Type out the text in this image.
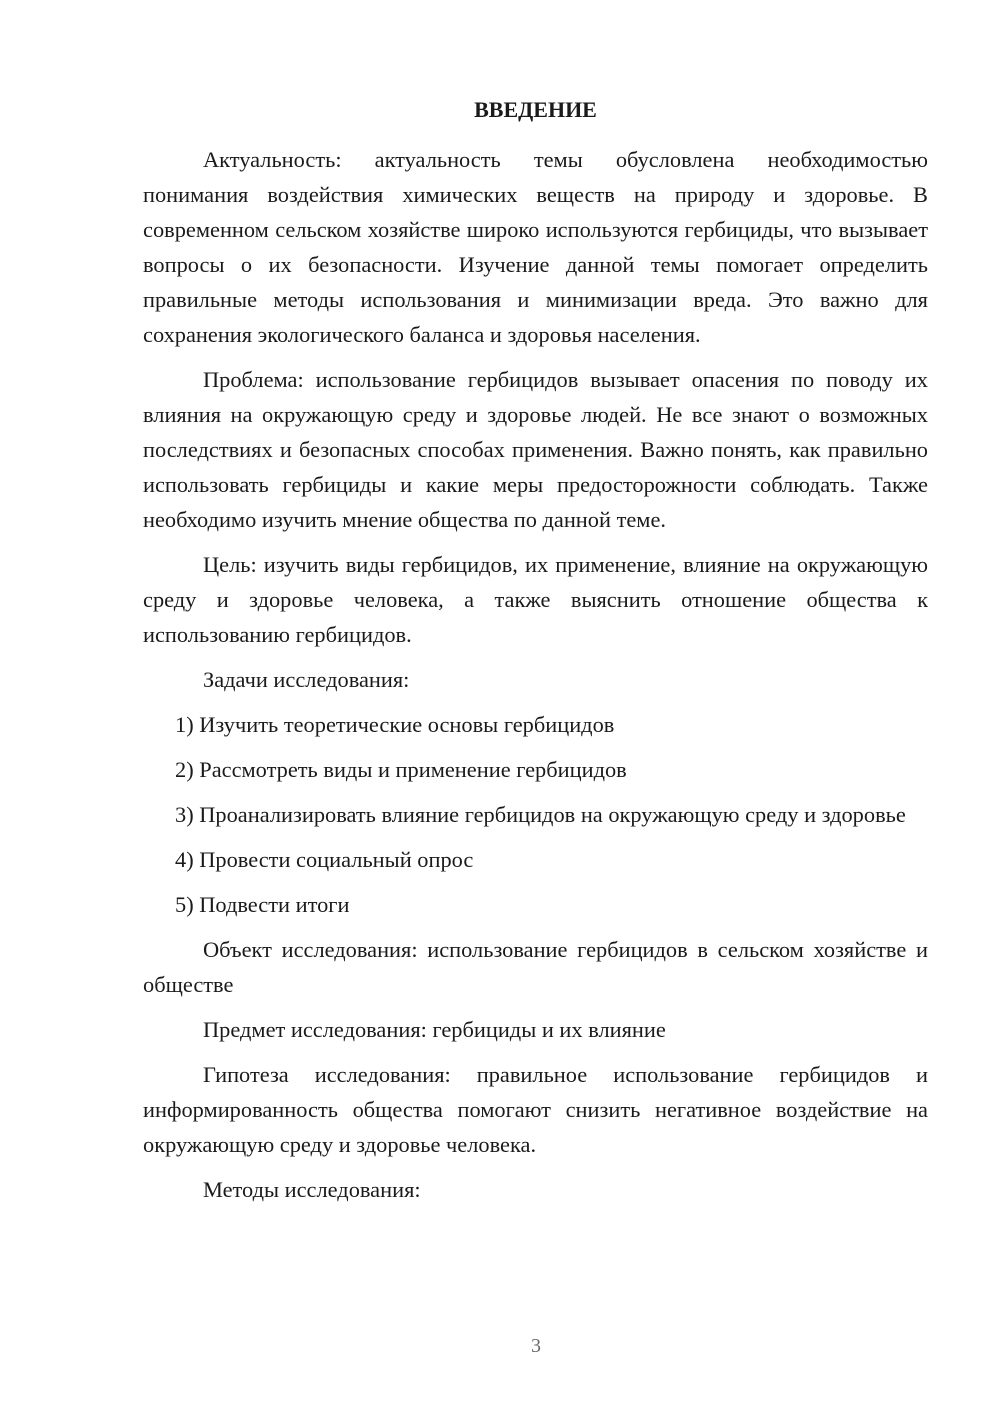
ВВЕДЕНИЕ

Актуальность: актуальность темы обусловлена необходимостью понимания воздействия химических веществ на природу и здоровье. В современном сельском хозяйстве широко используются гербициды, что вызывает вопросы о их безопасности. Изучение данной темы помогает определить правильные методы использования и минимизации вреда. Это важно для сохранения экологического баланса и здоровья населения.

Проблема: использование гербицидов вызывает опасения по поводу их влияния на окружающую среду и здоровье людей. Не все знают о возможных последствиях и безопасных способах применения. Важно понять, как правильно использовать гербициды и какие меры предосторожности соблюдать. Также необходимо изучить мнение общества по данной теме.

Цель: изучить виды гербицидов, их применение, влияние на окружающую среду и здоровье человека, а также выяснить отношение общества к использованию гербицидов.

Задачи исследования:

1) Изучить теоретические основы гербицидов

2) Рассмотреть виды и применение гербицидов

3) Проанализировать влияние гербицидов на окружающую среду и здоровье

4) Провести социальный опрос

5) Подвести итоги

Объект исследования: использование гербицидов в сельском хозяйстве и обществе

Предмет исследования: гербициды и их влияние

Гипотеза исследования: правильное использование гербицидов и информированность общества помогают снизить негативное воздействие на окружающую среду и здоровье человека.

Методы исследования:

3
